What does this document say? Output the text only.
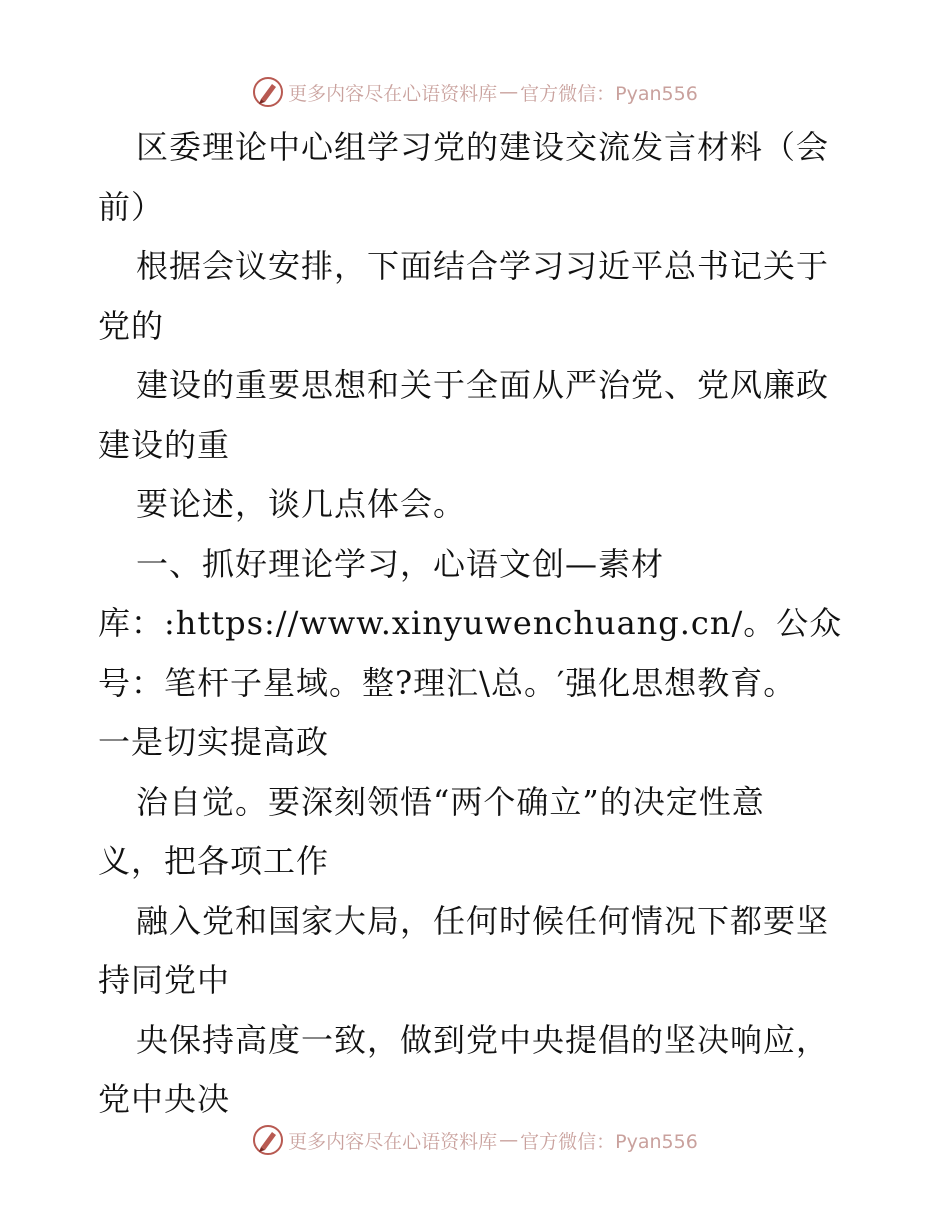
更多内容尽在心语资料库 — 官方微信：Pyan556
区委理论中心组学习党的建设交流发言材料（会
前）
根据会议安排，下面结合学习习近平总书记关于
党的
建设的重要思想和关于全面从严治党、党风廉政
建设的重
要论述，谈几点体会。
一、抓好理论学习，心语文创—素材
库：:https://www.xinyuwenchuang.cn/。公众
号：笔杆子星域。整?理汇\总。′强化思想教育。
一是切实提高政
治自觉。要深刻领悟“两个确立”的决定性意
义，把各项工作
融入党和国家大局，任何时候任何情况下都要坚
持同党中
央保持高度一致，做到党中央提倡的坚决响应，
党中央决
更多内容尽在心语资料库 — 官方微信：Pyan556
